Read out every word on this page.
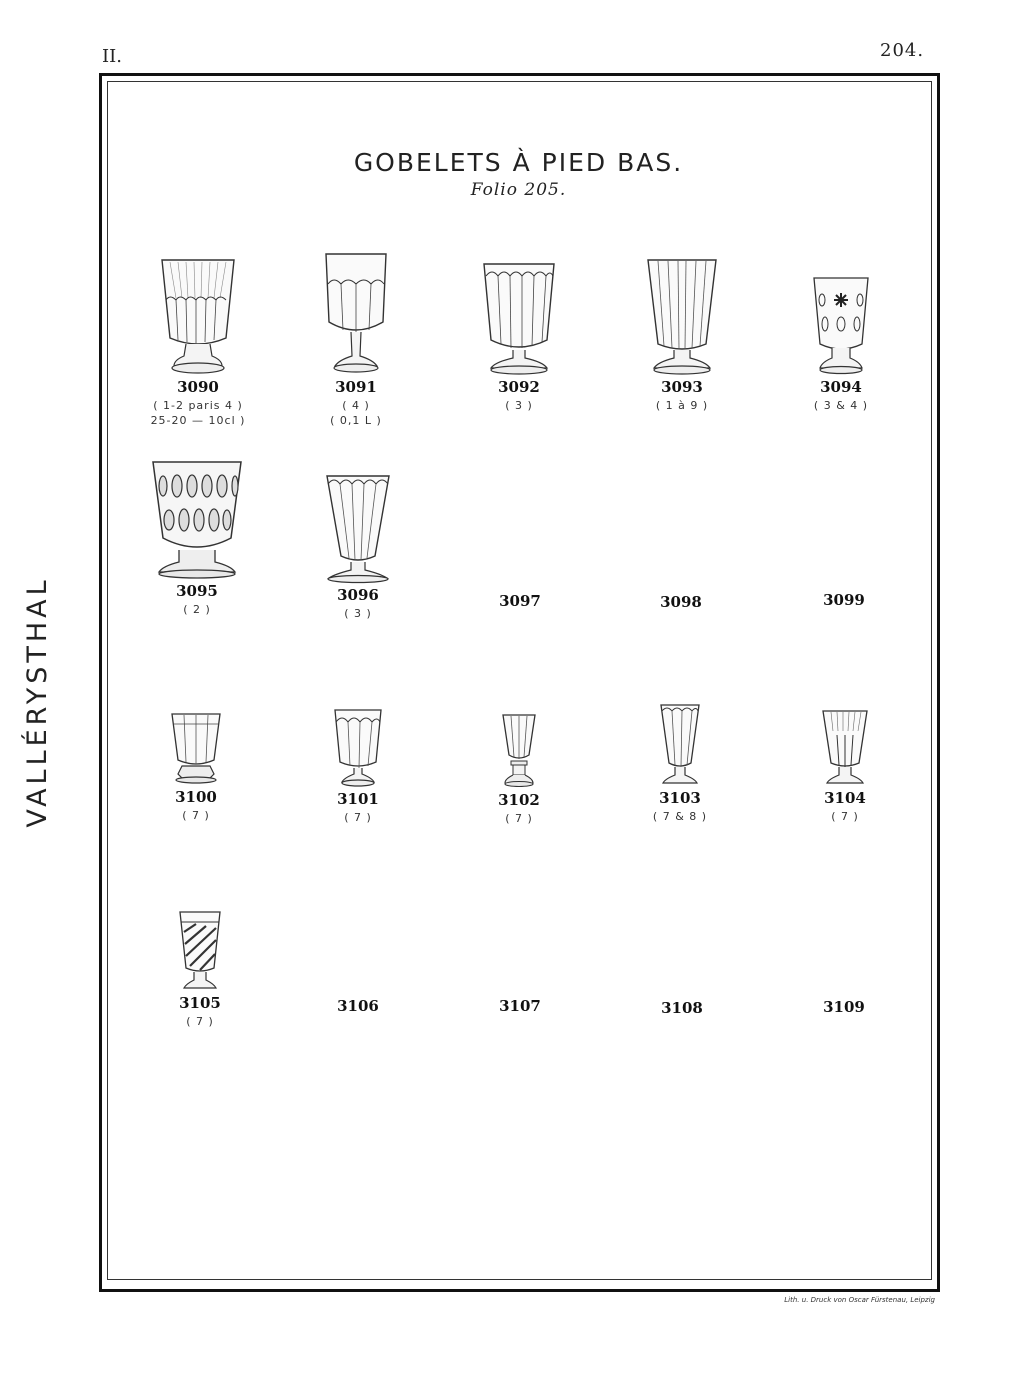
II.	204.
VALLÉRYSTHAL
GOBELETS À PIED BAS.
Folio 205.
3090
( 1-2 paris 4 )
25-20 — 10cl )
3091
( 4 )
( 0,1 L )
3092
( 3 )
3093
( 1 à 9 )
3094
( 3 & 4 )
3095
( 2 )
3096
( 3 )
3097	3098	3099
3100
( 7 )
3101
( 7 )
3102
( 7 )
3103
( 7 & 8 )
3104
( 7 )
3105
( 7 )
3106	3107	3108	3109
Lith. u. Druck von Oscar Fürstenau, Leipzig
